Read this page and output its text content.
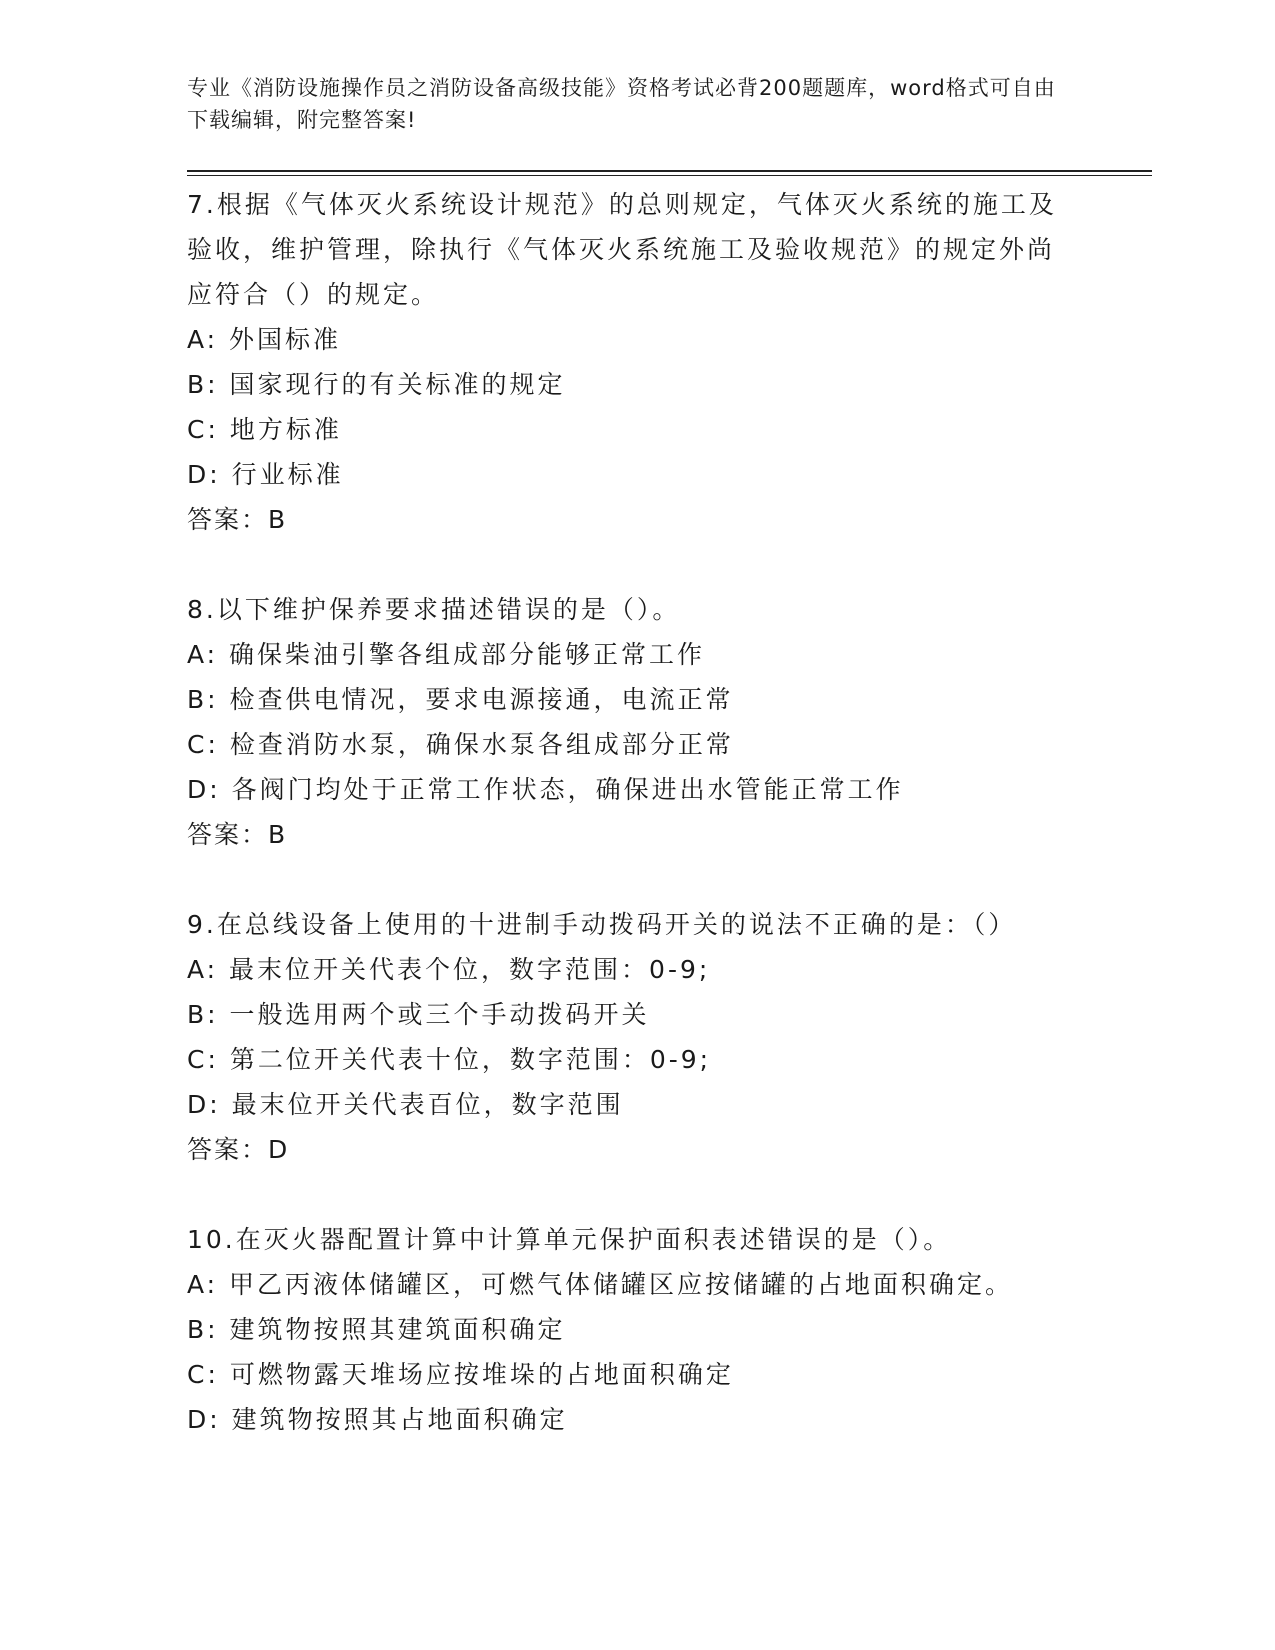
专业《消防设施操作员之消防设备高级技能》资格考试必背200题题库，word格式可自由下载编辑，附完整答案!

7.根据《气体灭火系统设计规范》的总则规定，气体灭火系统的施工及验收，维护管理，除执行《气体灭火系统施工及验收规范》的规定外尚应符合（）的规定。

A: 外国标准

B: 国家现行的有关标准的规定

C: 地方标准

D: 行业标准

答案：B

8.以下维护保养要求描述错误的是（）。

A: 确保柴油引擎各组成部分能够正常工作

B: 检查供电情况，要求电源接通，电流正常

C: 检查消防水泵，确保水泵各组成部分正常

D: 各阀门均处于正常工作状态，确保进出水管能正常工作

答案：B

9.在总线设备上使用的十进制手动拨码开关的说法不正确的是：（）

A: 最末位开关代表个位，数字范围：0-9;

B: 一般选用两个或三个手动拨码开关

C: 第二位开关代表十位，数字范围：0-9;

D: 最末位开关代表百位，数字范围

答案：D

10.在灭火器配置计算中计算单元保护面积表述错误的是（）。

A: 甲乙丙液体储罐区，可燃气体储罐区应按储罐的占地面积确定。

B: 建筑物按照其建筑面积确定

C: 可燃物露天堆场应按堆垛的占地面积确定

D: 建筑物按照其占地面积确定
